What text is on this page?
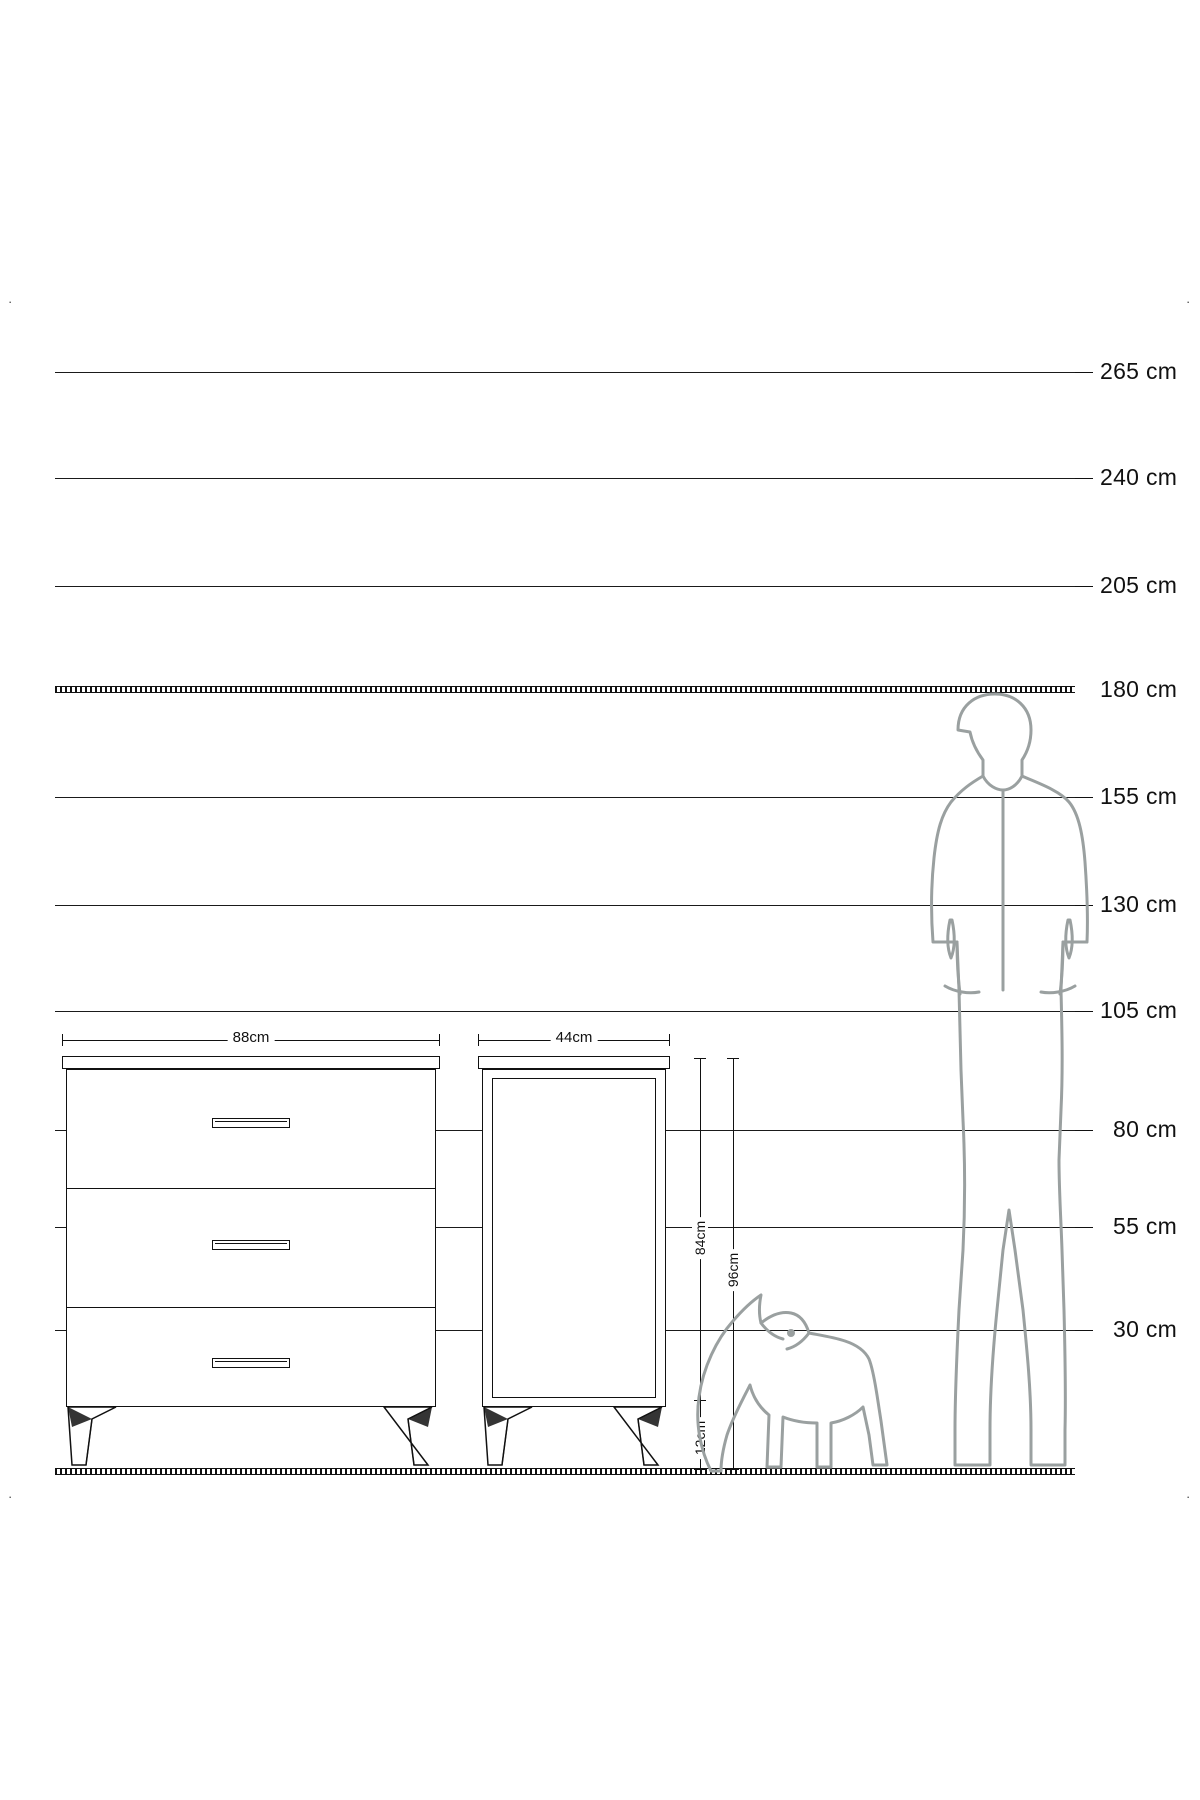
·	·
·	·
265 cm
240 cm
205 cm
180 cm
155 cm
130 cm
105 cm
80 cm
55 cm
30 cm
88cm	44cm
84cm
96cm
12cm
